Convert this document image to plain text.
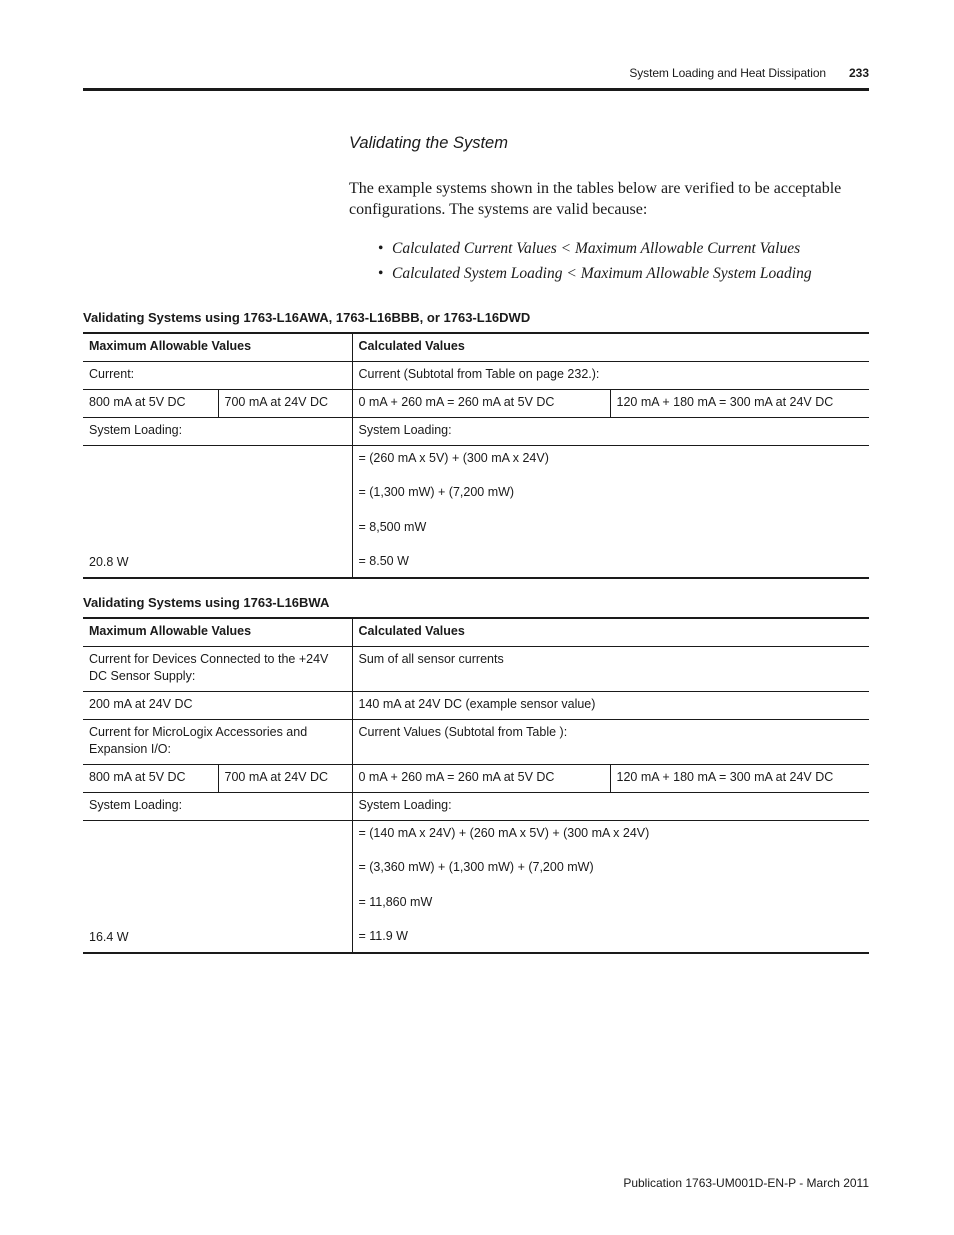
System Loading and Heat Dissipation 233
Validating the System
The example systems shown in the tables below are verified to be acceptable configurations. The systems are valid because:
• Calculated Current Values < Maximum Allowable Current Values
• Calculated System Loading < Maximum Allowable System Loading
Validating Systems using 1763-L16AWA, 1763-L16BBB, or 1763-L16DWD
Maximum Allowable Values		Calculated Values	
Current:		Current (Subtotal from Table on page 232.):	
800 mA at 5V DC	700 mA at 24V DC	0 mA + 260 mA = 260 mA at 5V DC	120 mA + 180 mA = 300 mA at 24V DC
System Loading:		System Loading:	
20.8 W		= (260 mA x 5V) + (300 mA x 24V)
= (1,300 mW) + (7,200 mW)
= 8,500 mW
= 8.50 W	
Validating Systems using 1763-L16BWA
Maximum Allowable Values		Calculated Values	
Current for Devices Connected to the +24V DC Sensor Supply:		Sum of all sensor currents	
200 mA at 24V DC		140 mA at 24V DC (example sensor value)	
Current for MicroLogix Accessories and Expansion I/O:		Current Values (Subtotal from Table ):	
800 mA at 5V DC	700 mA at 24V DC	0 mA + 260 mA = 260 mA at 5V DC	120 mA + 180 mA = 300 mA at 24V DC
System Loading:		System Loading:	
16.4 W		= (140 mA x 24V) + (260 mA x 5V) + (300 mA x 24V)
= (3,360 mW) + (1,300 mW) + (7,200 mW)
= 11,860 mW
= 11.9 W	
Publication 1763-UM001D-EN-P - March 2011
